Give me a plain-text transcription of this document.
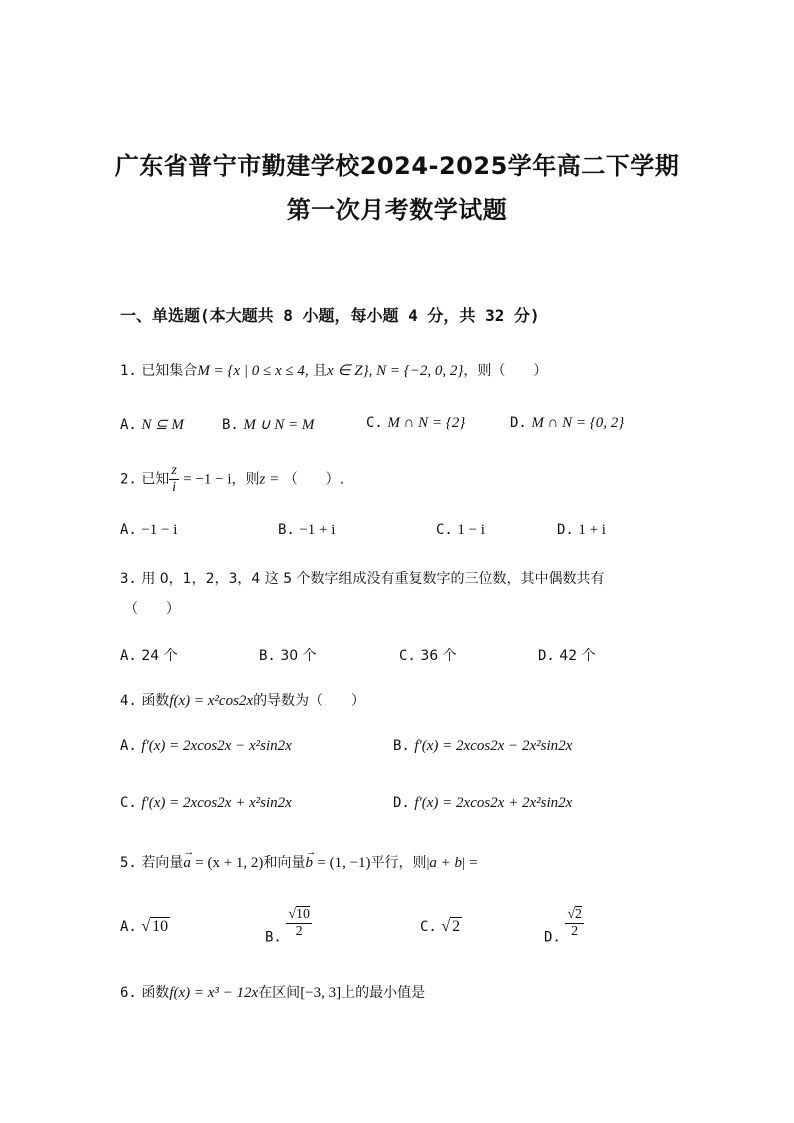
广东省普宁市勤建学校2024-2025学年高二下学期
第一次月考数学试题
一、单选题(本大题共 8 小题，每小题 4 分，共 32 分)
1. 已知集合M = {x | 0 ≤ x ≤ 4, 且x ∈ Z}, N = {−2, 0, 2}，则（　　）
A. N ⊆ M	B. M ∪ N = M	C. M ∩ N = {2}	D. M ∩ N = {0, 2}
2. 已知 $\frac{z}{i} = -1 - i$，则z = （　　）.
A. −1 − i	B. −1 + i	C. 1 − i	D. 1 + i
3. 用 0，1，2，3，4 这 5 个数字组成没有重复数字的三位数，其中偶数共有
（　　）
A. 24 个	B. 30 个	C. 36 个	D. 42 个
4. 函数f(x) = x²cos2x的导数为（　　）
A. f′(x) = 2xcos2x − x²sin2x	B. f′(x) = 2xcos2x − 2x²sin2x
C. f′(x) = 2xcos2x + x²sin2x	D. f′(x) = 2xcos2x + 2x²sin2x
5. 若向量
→
a = (x + 1, 2)和向量
→
b = (1, −1)平行，则|a + b| =
A. √ 10
B. $\frac{√10}{2}$	C. √ 2
D. $\frac{√2}{2}$
6. 函数f(x) = x³ − 12x在区间[−3, 3]上的最小值是
